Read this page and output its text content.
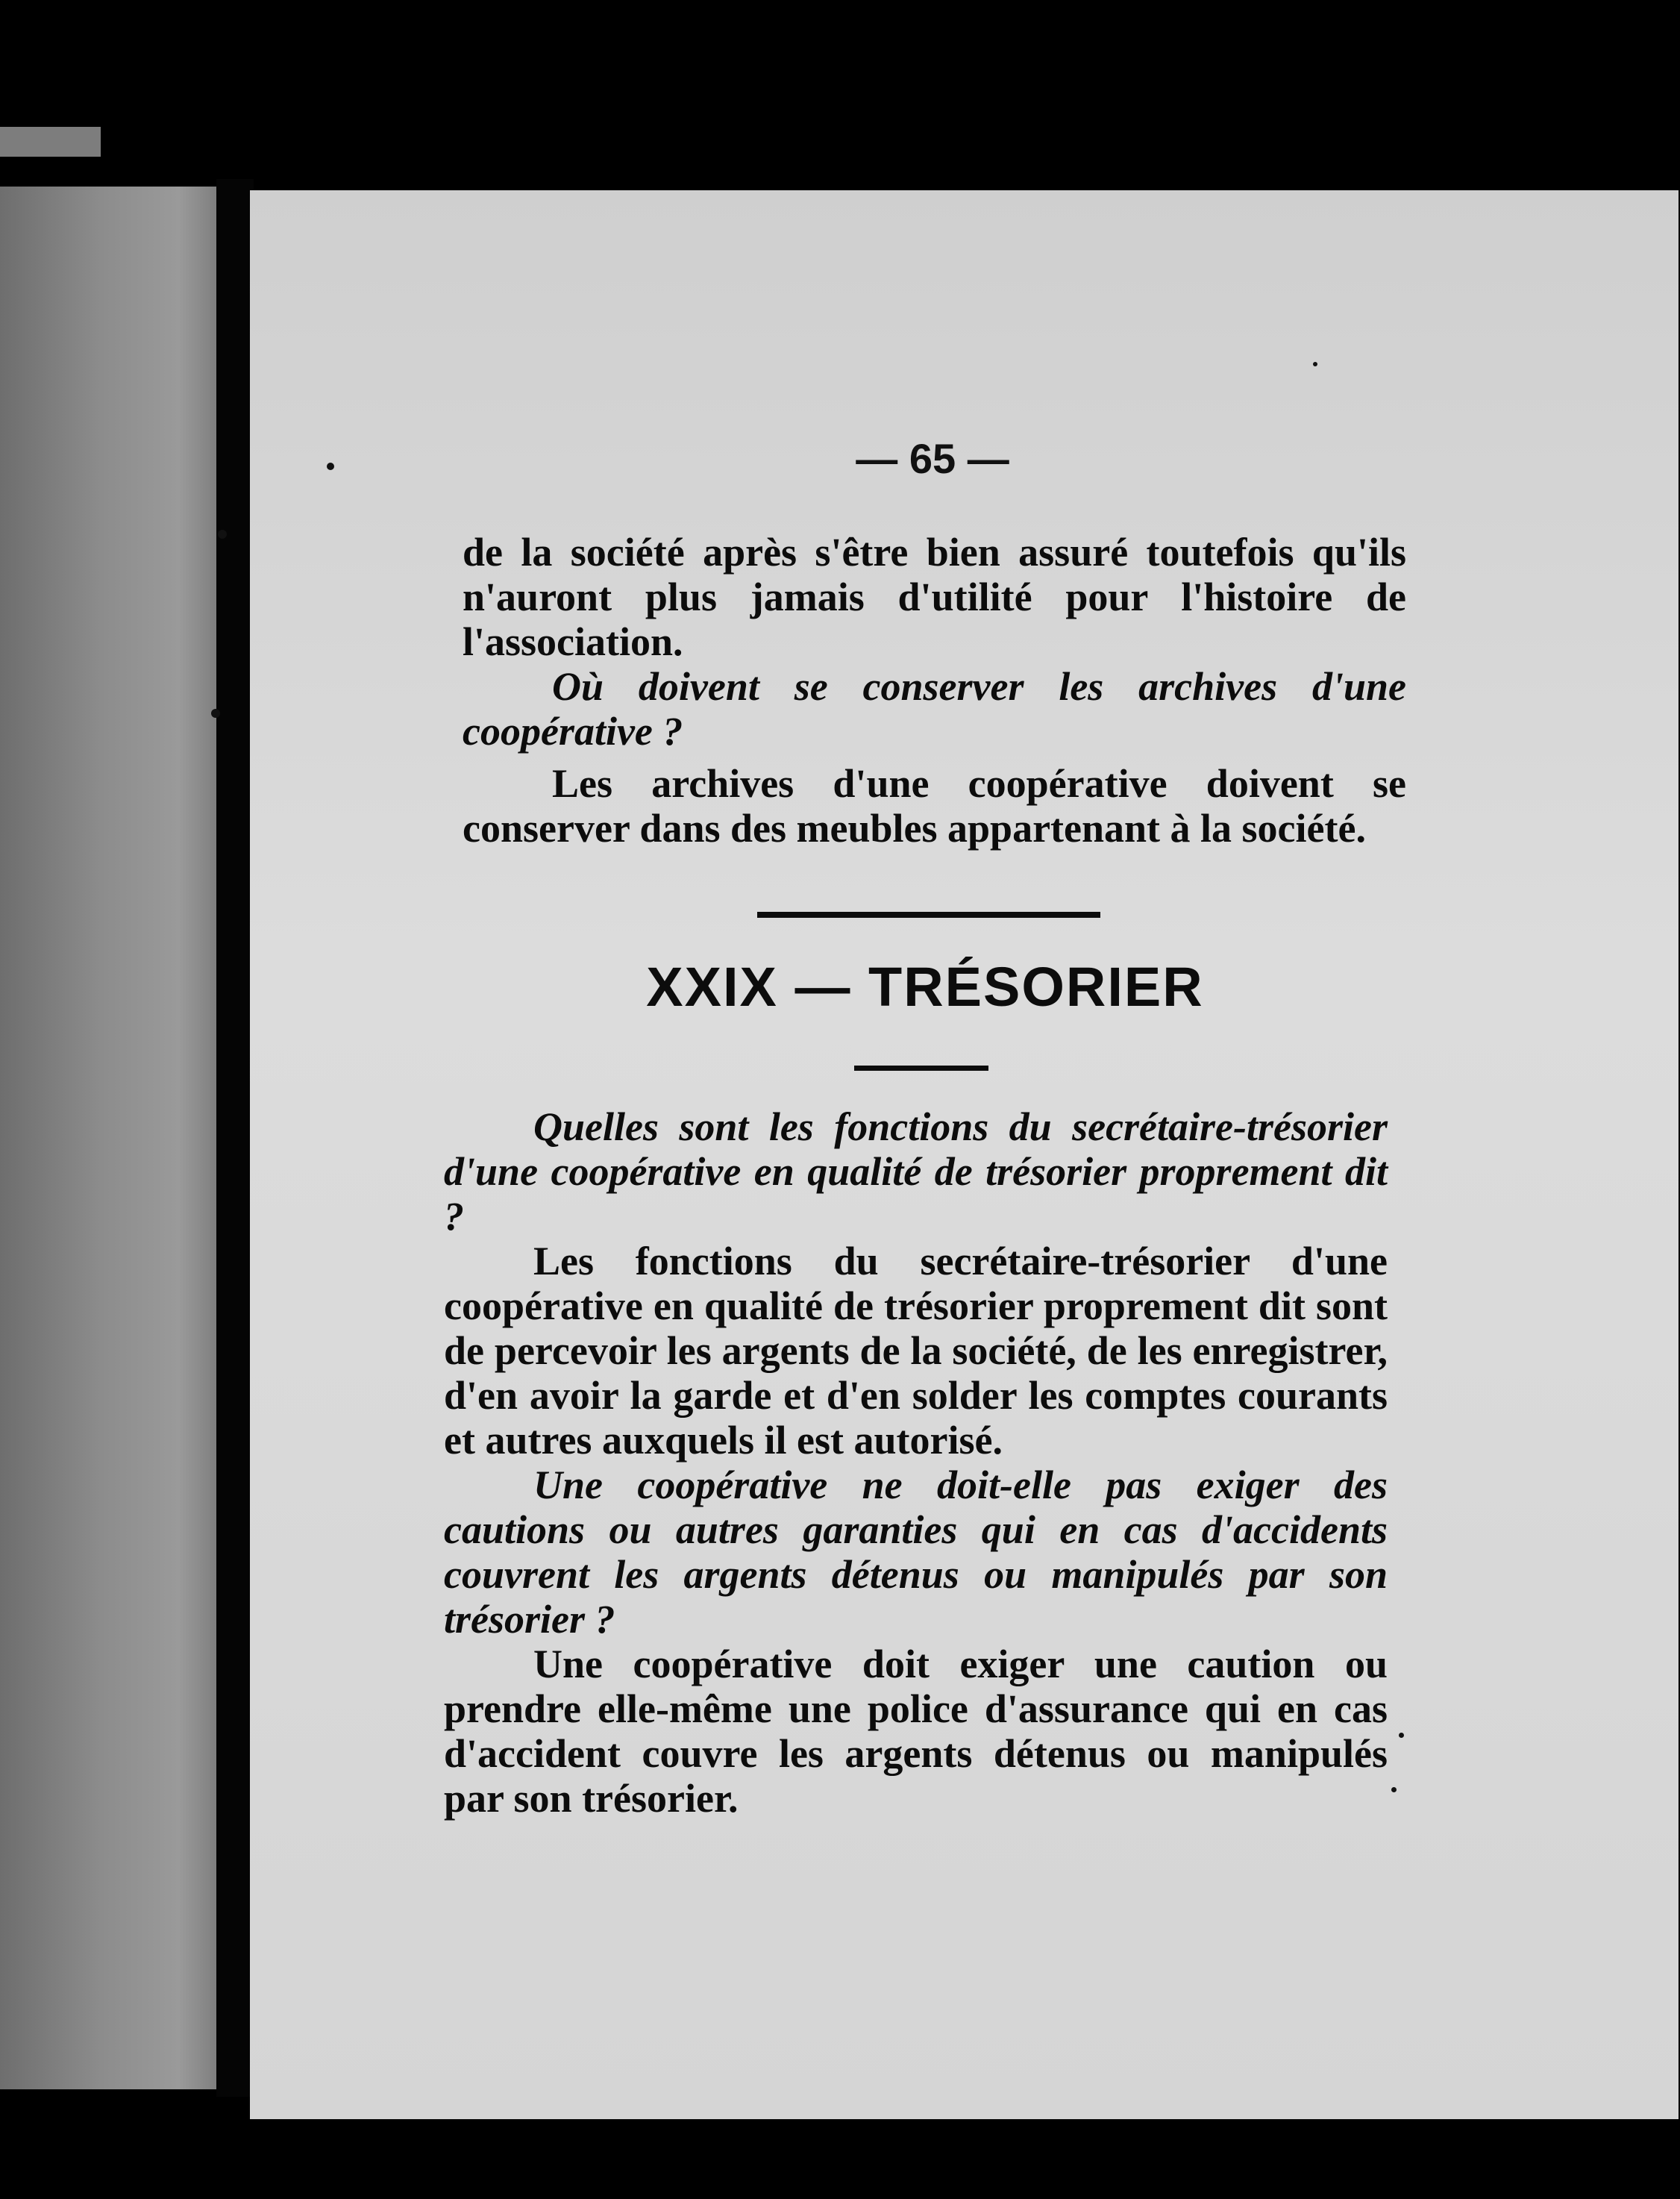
— 65 —

de la société après s'être bien assuré toutefois qu'ils n'auront plus jamais d'utilité pour l'histoire de l'association.

Où doivent se conserver les archives d'une coopérative ?

Les archives d'une coopérative doivent se conserver dans des meubles appartenant à la société.

XXIX — TRÉSORIER

Quelles sont les fonctions du secrétaire-trésorier d'une coopérative en qualité de trésorier proprement dit ?

Les fonctions du secrétaire-trésorier d'une coopérative en qualité de trésorier proprement dit sont de percevoir les argents de la société, de les enregistrer, d'en avoir la garde et d'en solder les comptes courants et autres auxquels il est autorisé.

Une coopérative ne doit-elle pas exiger des cautions ou autres garanties qui en cas d'accidents couvrent les argents détenus ou manipulés par son trésorier ?

Une coopérative doit exiger une caution ou prendre elle-même une police d'assurance qui en cas d'accident couvre les argents détenus ou manipulés par son trésorier.
